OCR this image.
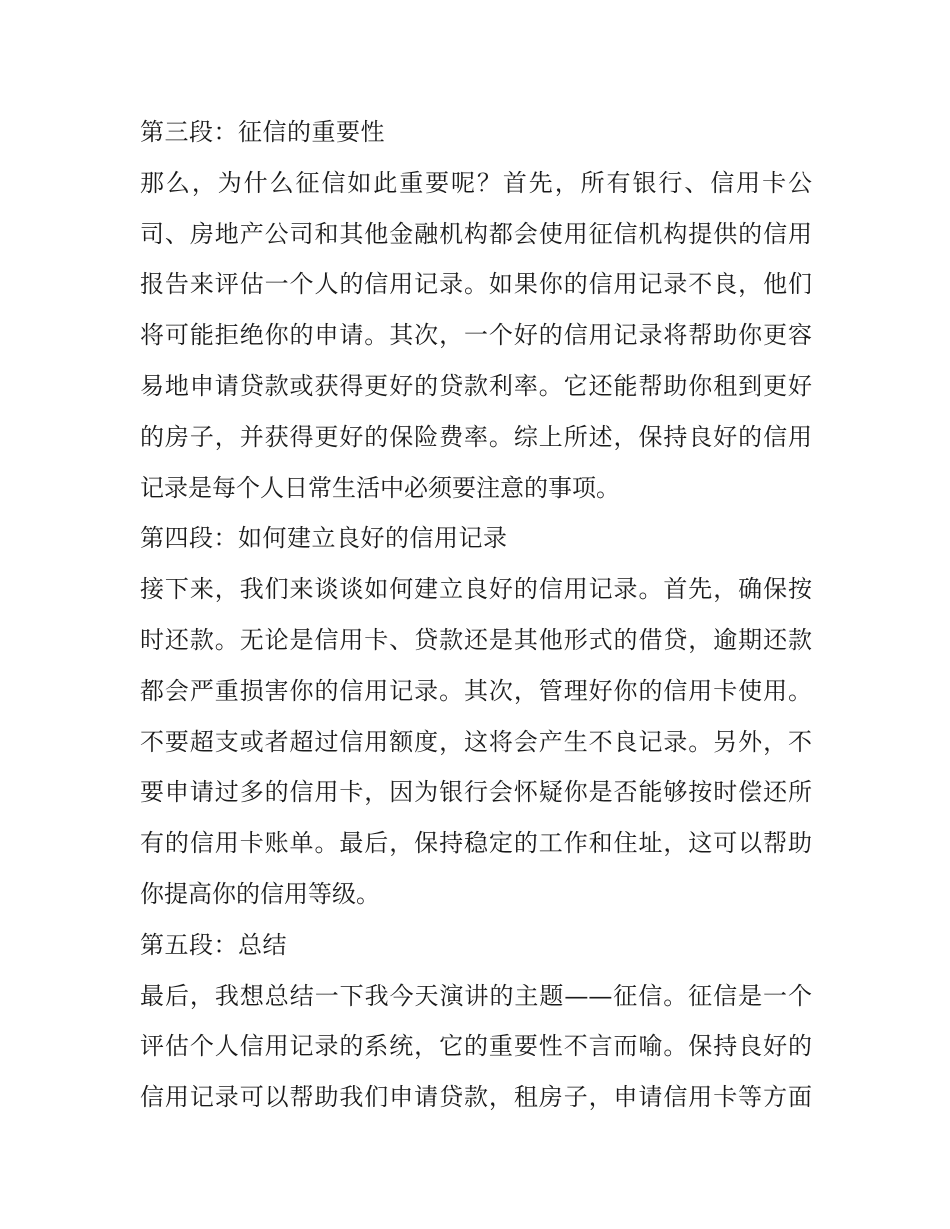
第三段：征信的重要性
那么，为什么征信如此重要呢？首先，所有银行、信用卡公
司、房地产公司和其他金融机构都会使用征信机构提供的信用
报告来评估一个人的信用记录。如果你的信用记录不良，他们
将可能拒绝你的申请。其次，一个好的信用记录将帮助你更容
易地申请贷款或获得更好的贷款利率。它还能帮助你租到更好
的房子，并获得更好的保险费率。综上所述，保持良好的信用
记录是每个人日常生活中必须要注意的事项。
第四段：如何建立良好的信用记录
接下来，我们来谈谈如何建立良好的信用记录。首先，确保按
时还款。无论是信用卡、贷款还是其他形式的借贷，逾期还款
都会严重损害你的信用记录。其次，管理好你的信用卡使用。
不要超支或者超过信用额度，这将会产生不良记录。另外，不
要申请过多的信用卡，因为银行会怀疑你是否能够按时偿还所
有的信用卡账单。最后，保持稳定的工作和住址，这可以帮助
你提高你的信用等级。
第五段：总结
最后，我想总结一下我今天演讲的主题——征信。征信是一个
评估个人信用记录的系统，它的重要性不言而喻。保持良好的
信用记录可以帮助我们申请贷款，租房子，申请信用卡等方面
